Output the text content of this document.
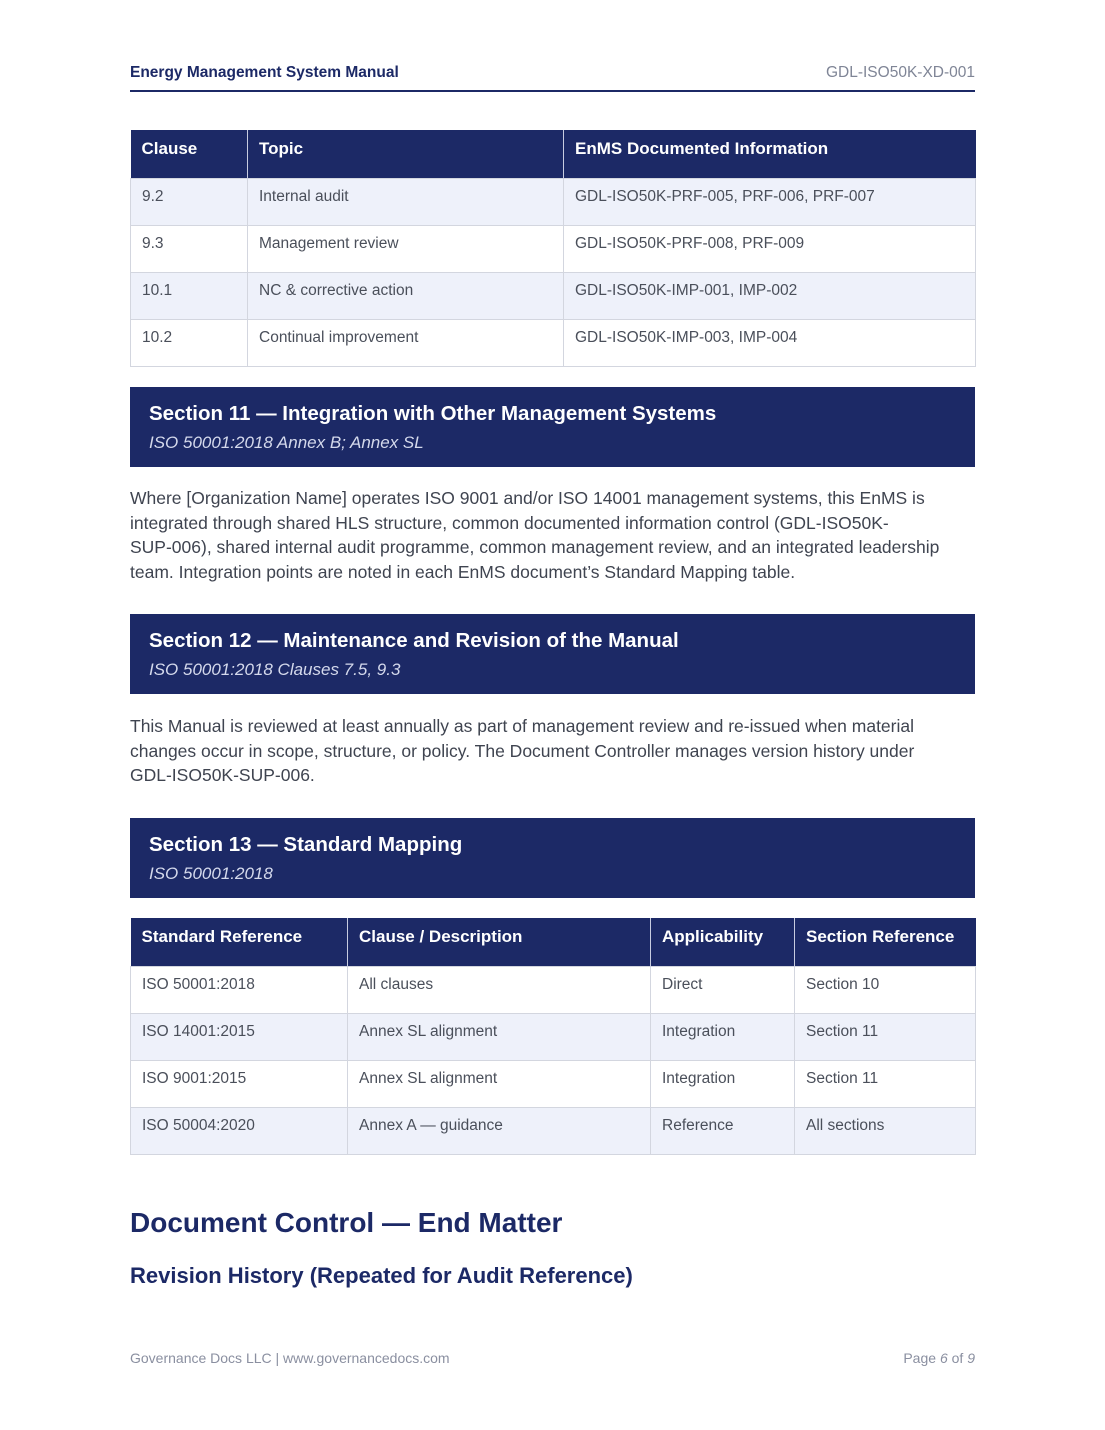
Energy Management System Manual	GDL-ISO50K-XD-001
Clause	Topic	EnMS Documented Information
9.2	Internal audit	GDL-ISO50K-PRF-005, PRF-006, PRF-007
9.3	Management review	GDL-ISO50K-PRF-008, PRF-009
10.1	NC & corrective action	GDL-ISO50K-IMP-001, IMP-002
10.2	Continual improvement	GDL-ISO50K-IMP-003, IMP-004
Section 11 — Integration with Other Management Systems
ISO 50001:2018 Annex B; Annex SL
Where [Organization Name] operates ISO 9001 and/or ISO 14001 management systems, this EnMS is
integrated through shared HLS structure, common documented information control (GDL-ISO50K-
SUP-006), shared internal audit programme, common management review, and an integrated leadership
team. Integration points are noted in each EnMS document’s Standard Mapping table.
Section 12 — Maintenance and Revision of the Manual
ISO 50001:2018 Clauses 7.5, 9.3
This Manual is reviewed at least annually as part of management review and re-issued when material
changes occur in scope, structure, or policy. The Document Controller manages version history under
GDL-ISO50K-SUP-006.
Section 13 — Standard Mapping
ISO 50001:2018
Standard Reference	Clause / Description	Applicability	Section Reference
ISO 50001:2018	All clauses	Direct	Section 10
ISO 14001:2015	Annex SL alignment	Integration	Section 11
ISO 9001:2015	Annex SL alignment	Integration	Section 11
ISO 50004:2020	Annex A — guidance	Reference	All sections
Document Control — End Matter
Revision History (Repeated for Audit Reference)
Governance Docs LLC | www.governancedocs.com	Page 6 of 9
